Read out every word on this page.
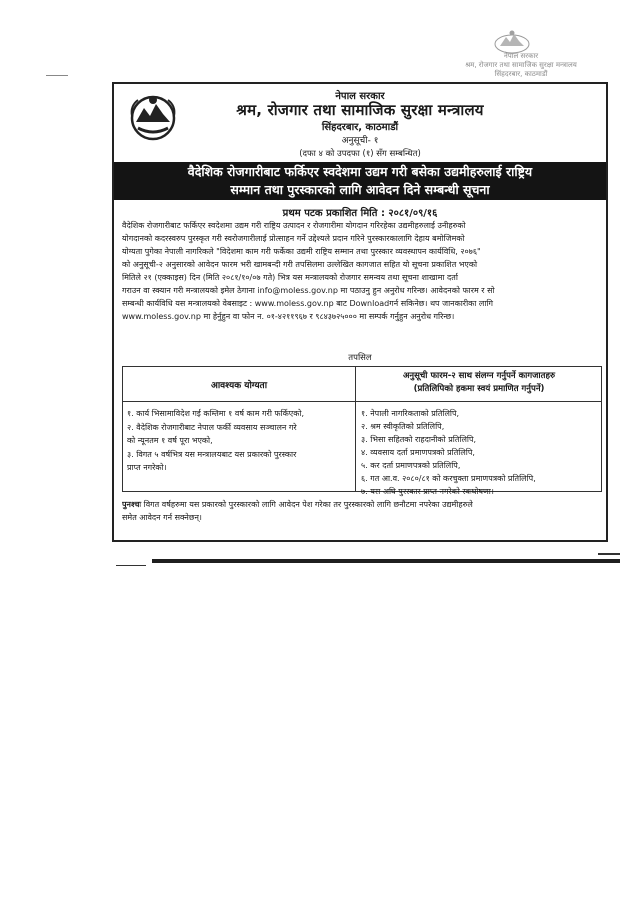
नेपाल सरकार
श्रम, रोजगार तथा सामाजिक सुरक्षा मन्त्रालय
सिंहदरबार, काठमाडौं
नेपाल सरकार
श्रम, रोजगार तथा सामाजिक सुरक्षा मन्त्रालय
सिंहदरबार, काठमाडौं
अनुसूची- १
(दफा ४ को उपदफा (१) सँग सम्बन्धित)
वैदेशिक रोजगारीबाट फर्किएर स्वदेशमा उद्यम गरी बसेका उद्यमीहरुलाई राष्ट्रिय
सम्मान तथा पुरस्कारको लागि आवेदन दिने सम्बन्धी सूचना
प्रथम पटक प्रकाशित मिति : २०८१/०९/१६
वैदेशिक रोजगारीबाट फर्किएर स्वदेशमा उद्यम गरी राष्ट्रिय उत्पादन र रोजगारीमा योगदान गरिरहेका उद्यमीहरुलाई उनीहरुको
योगदानको कदरस्वरुप पुरस्कृत गरी स्वरोजगारीलाई प्रोत्साहन गर्ने उद्देश्यले प्रदान गरिने पुरस्कारकालागि देहाय बमोजिमको
योग्यता पुगेका नेपाली नागरिकले "विदेशमा काम गरी फर्केका उद्यमी राष्ट्रिय सम्मान तथा पुरस्कार व्यवस्थापन कार्यविधि, २०७६"
को अनुसूची-२ अनुसारको आवेदन फारम भरी खामबन्दी गरी तपसिलमा उल्लेखित कागजात सहित यो सूचना प्रकाशित भएको
मितिले २१ (एक्काइस) दिन (मिति २०८१/१०/०७ गते) भित्र यस मन्त्रालयको रोजगार समन्वय तथा सूचना शाखामा दर्ता
गराउन वा स्क्यान गरी मन्त्रालयको इमेल ठेगाना info@moless.gov.np मा पठाउनु हुन अनुरोध गरिन्छ। आवेदनको फारम र सो
सम्बन्धी कार्यविधि यस मन्त्रालयको वेबसाइट : www.moless.gov.np बाट Downloadगर्न सकिनेछ। थप जानकारीका लागि
www.moless.gov.np मा हेर्नुहुन वा फोन न. ०१-४२११९६७ र ९८४३७२५००० मा सम्पर्क गर्नुहुन अनुरोध गरिन्छ।
तपसिल
आवश्यक योग्यता
अनुसूची फारम-२ साथ संलग्न गर्नुपर्ने कागजातहरु
(प्रतिलिपिको हकमा स्वयं प्रमाणित गर्नुपर्ने)
१. कार्य भिसामाविदेश गई कम्तिमा १ वर्ष काम गरी फर्किएको,
२. वैदेशिक रोजगारीबाट नेपाल फर्की व्यवसाय सञ्चालन गरे
को न्यूनतम १ वर्ष पूरा भएको,
३. विगत ५ वर्षभित्र यस मन्त्रालयबाट यस प्रकारको पुरस्कार
प्राप्त नगरेको।
१. नेपाली नागरिकताको प्रतिलिपि,
२. श्रम स्वीकृतिको प्रतिलिपि,
३. भिसा सहितको राहदानीको प्रतिलिपि,
४. व्यवसाय दर्ता प्रमाणपत्रको प्रतिलिपि,
५. कर दर्ता प्रमाणपत्रको प्रतिलिपि,
६. गत आ.व. २०८०/८१ को करचुक्ता प्रमाणपत्रको प्रतिलिपि,
७. यस अघि पुरस्कार प्राप्त नगरेको स्वःघोषणा।
पुनश्चः विगत वर्षहरुमा यस प्रकारको पुरस्कारको लागि आवेदन पेश गरेका तर पुरस्कारको लागि छनौटमा नपरेका उद्यमीहरुले
समेत आवेदन गर्न सक्नेछन्।
